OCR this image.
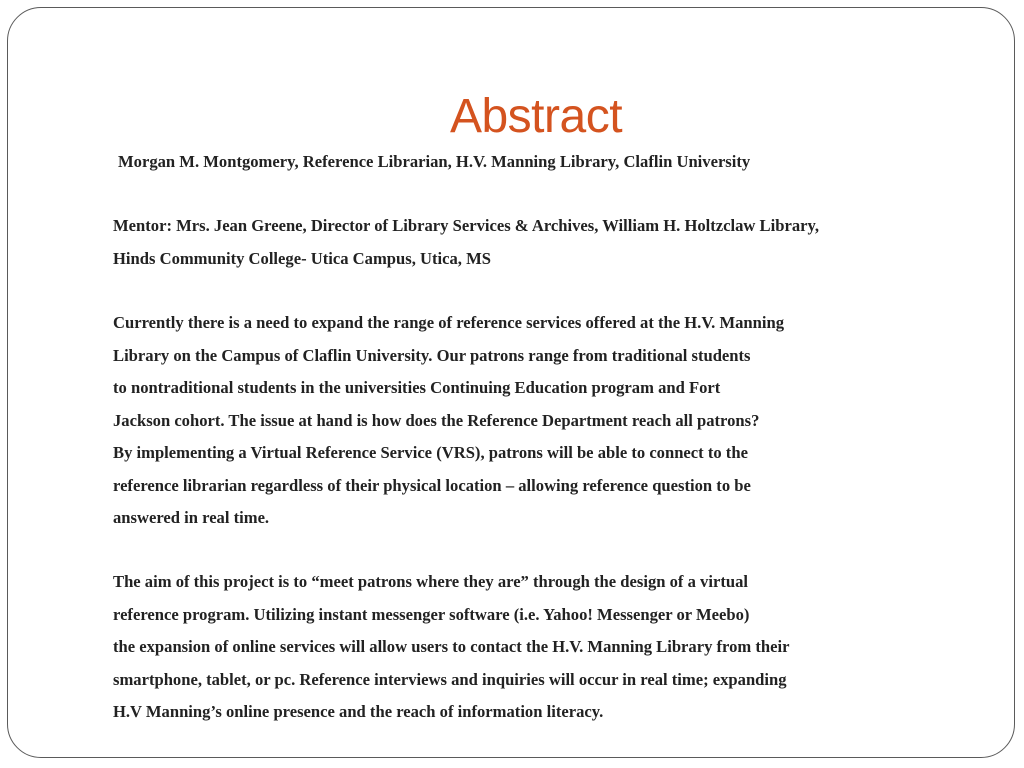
Abstract
Morgan M. Montgomery, Reference Librarian, H.V. Manning Library, Claflin University
Mentor: Mrs. Jean Greene, Director of Library Services & Archives, William H. Holtzclaw Library,
Hinds Community College- Utica Campus, Utica, MS
Currently there is a need to expand the range of reference services offered at the H.V. Manning
Library on the Campus of Claflin University. Our patrons range from traditional students
to nontraditional students in the universities Continuing Education program and Fort
Jackson cohort. The issue at hand is how does the Reference Department reach all patrons?
By implementing a Virtual Reference Service (VRS), patrons will be able to connect to the
reference librarian regardless of their physical location – allowing reference question to be
answered in real time.
The aim of this project is to “meet patrons where they are” through the design of a virtual
reference program. Utilizing instant messenger software (i.e. Yahoo! Messenger or Meebo)
the expansion of online services will allow users to contact the H.V. Manning Library from their
smartphone, tablet, or pc. Reference interviews and inquiries will occur in real time; expanding
H.V Manning’s online presence and the reach of information literacy.
